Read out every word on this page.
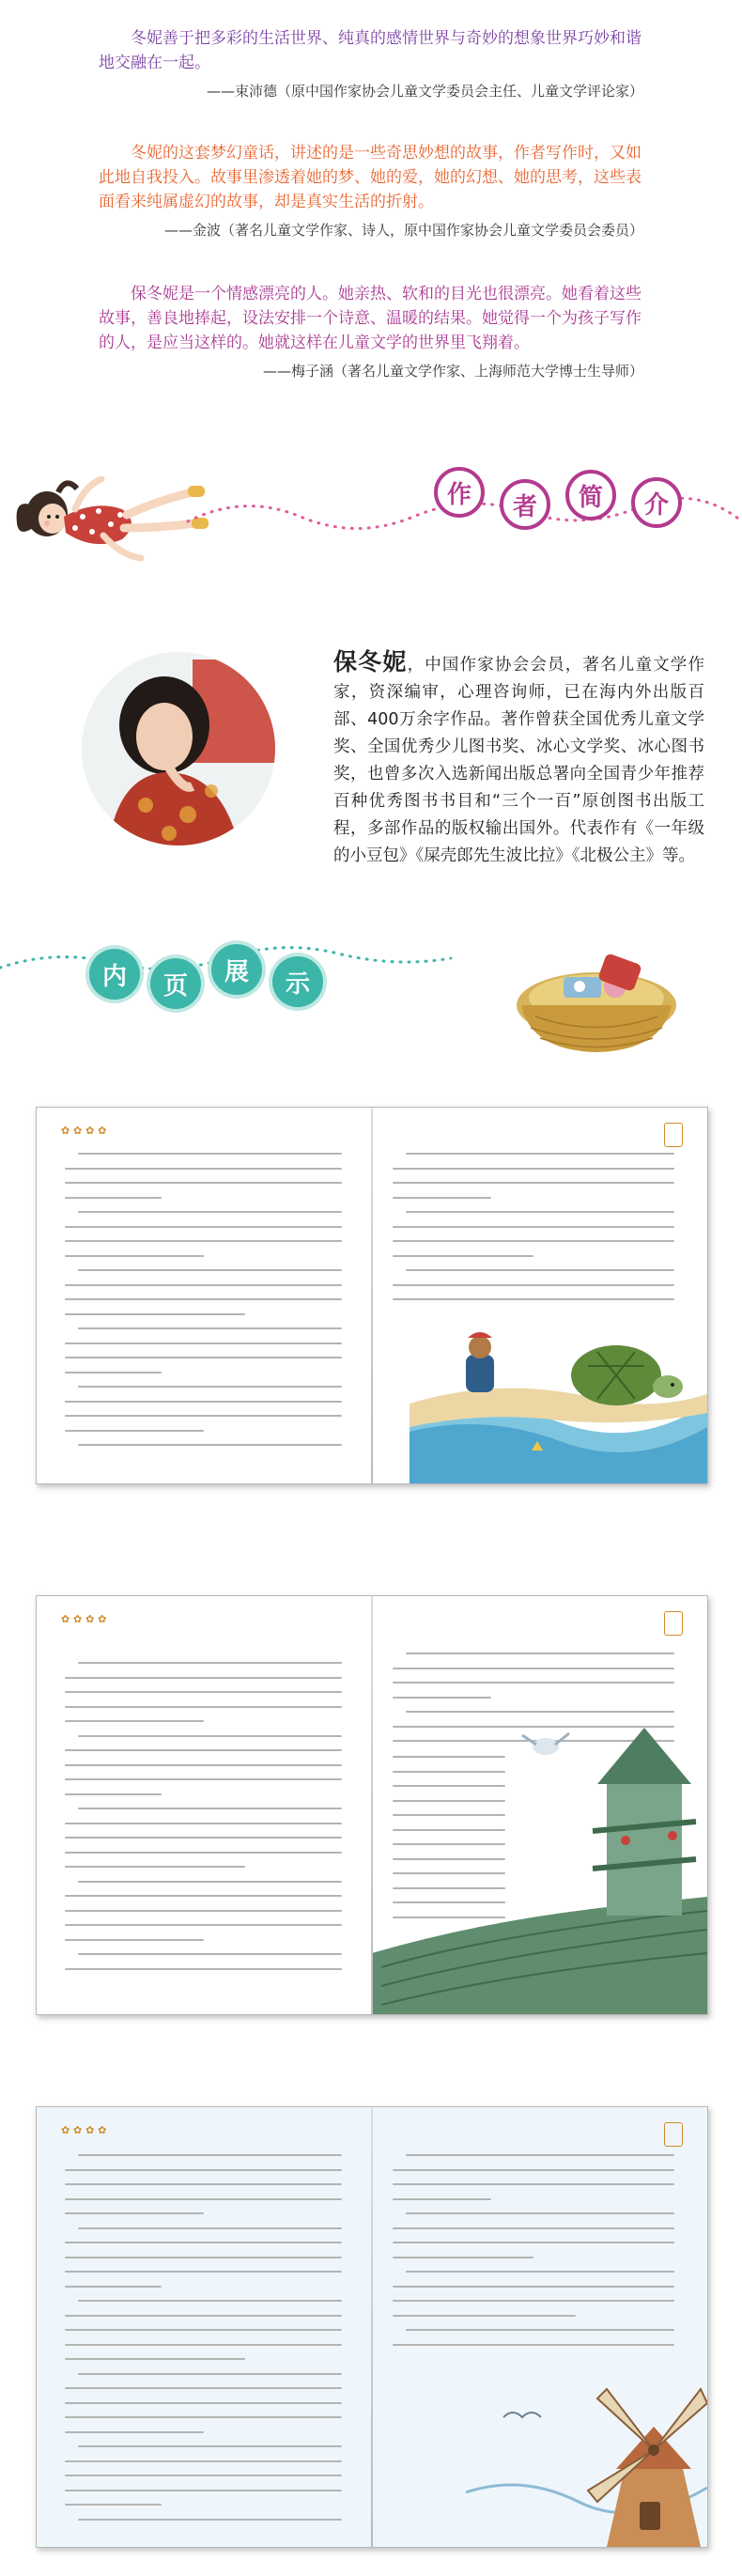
冬妮善于把多彩的生活世界、纯真的感情世界与奇妙的想象世界巧妙和谐地交融在一起。

——束沛德（原中国作家协会儿童文学委员会主任、儿童文学评论家）

冬妮的这套梦幻童话，讲述的是一些奇思妙想的故事，作者写作时，又如此地自我投入。故事里渗透着她的梦、她的爱，她的幻想、她的思考，这些表面看来纯属虚幻的故事，却是真实生活的折射。

——金波（著名儿童文学作家、诗人，原中国作家协会儿童文学委员会委员）

保冬妮是一个情感漂亮的人。她亲热、软和的目光也很漂亮。她看着这些故事，善良地捧起，设法安排一个诗意、温暖的结果。她觉得一个为孩子写作的人，是应当这样的。她就这样在儿童文学的世界里飞翔着。

——梅子涵（著名儿童文学作家、上海师范大学博士生导师）

作	者	简	介
保冬妮，中国作家协会会员，著名儿童文学作家，资深编审，心理咨询师，已在海内外出版百部、400万余字作品。著作曾获全国优秀儿童文学奖、全国优秀少儿图书奖、冰心文学奖、冰心图书奖，也曾多次入选新闻出版总署向全国青少年推荐百种优秀图书书目和“三个一百”原创图书出版工程，多部作品的版权输出国外。代表作有《一年级的小豆包》《屎壳郎先生波比拉》《北极公主》等。
内	页	展	示
✿ ✿ ✿ ✿
✿ ✿ ✿ ✿
✿ ✿ ✿ ✿
